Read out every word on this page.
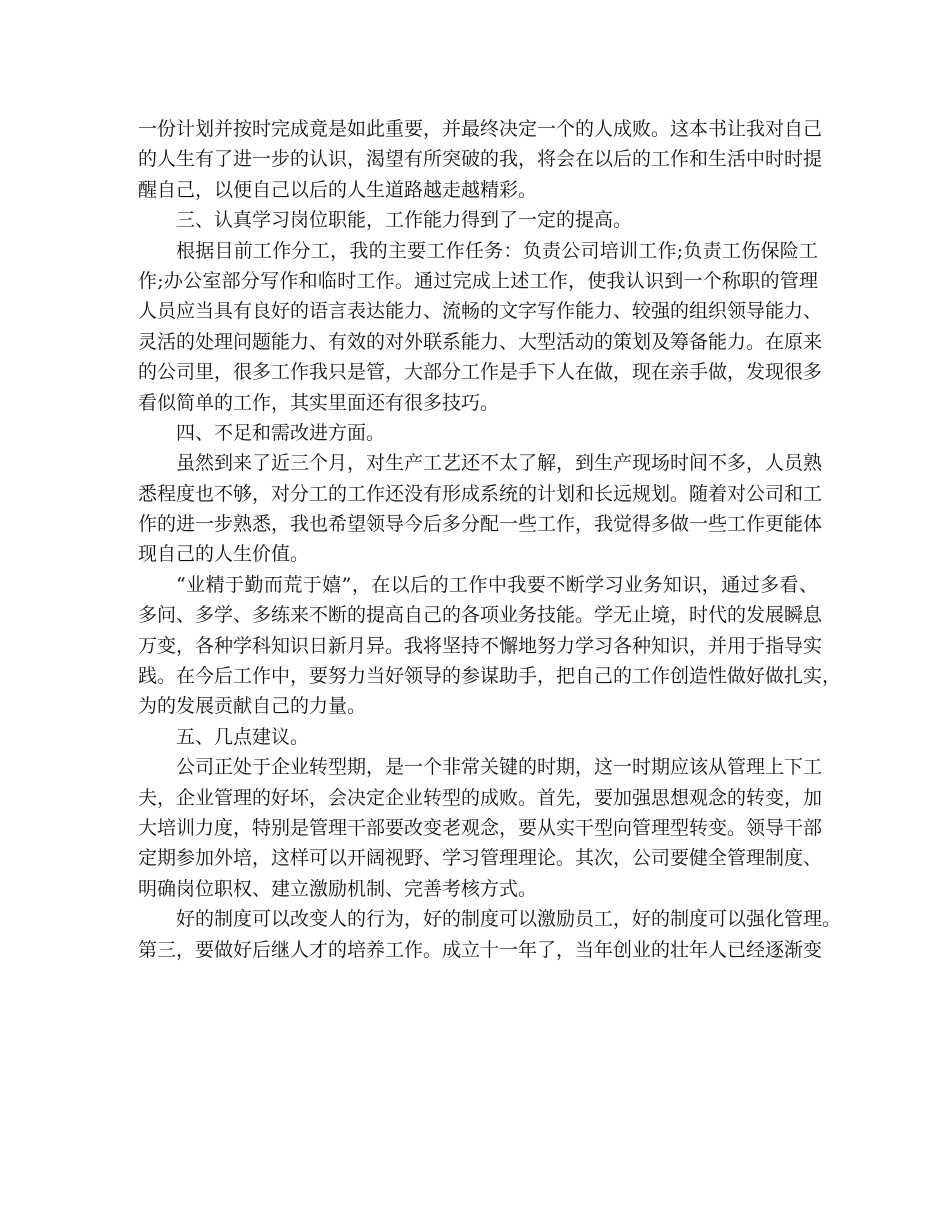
一份计划并按时完成竟是如此重要，并最终决定一个的人成败。这本书让我对自己
的人生有了进一步的认识，渴望有所突破的我，将会在以后的工作和生活中时时提
醒自己，以便自己以后的人生道路越走越精彩。
三、认真学习岗位职能，工作能力得到了一定的提高。
根据目前工作分工，我的主要工作任务：负责公司培训工作;负责工伤保险工
作;办公室部分写作和临时工作。通过完成上述工作，使我认识到一个称职的管理
人员应当具有良好的语言表达能力、流畅的文字写作能力、较强的组织领导能力、
灵活的处理问题能力、有效的对外联系能力、大型活动的策划及筹备能力。在原来
的公司里，很多工作我只是管，大部分工作是手下人在做，现在亲手做，发现很多
看似简单的工作，其实里面还有很多技巧。
四、不足和需改进方面。
虽然到来了近三个月，对生产工艺还不太了解，到生产现场时间不多，人员熟
悉程度也不够，对分工的工作还没有形成系统的计划和长远规划。随着对公司和工
作的进一步熟悉，我也希望领导今后多分配一些工作，我觉得多做一些工作更能体
现自己的人生价值。
“业精于勤而荒于嬉”，在以后的工作中我要不断学习业务知识，通过多看、
多问、多学、多练来不断的提高自己的各项业务技能。学无止境，时代的发展瞬息
万变，各种学科知识日新月异。我将坚持不懈地努力学习各种知识，并用于指导实
践。在今后工作中，要努力当好领导的参谋助手，把自己的工作创造性做好做扎实，
为的发展贡献自己的力量。
五、几点建议。
公司正处于企业转型期，是一个非常关键的时期，这一时期应该从管理上下工
夫，企业管理的好坏，会决定企业转型的成败。首先，要加强思想观念的转变，加
大培训力度，特别是管理干部要改变老观念，要从实干型向管理型转变。领导干部
定期参加外培，这样可以开阔视野、学习管理理论。其次，公司要健全管理制度、
明确岗位职权、建立激励机制、完善考核方式。
好的制度可以改变人的行为，好的制度可以激励员工，好的制度可以强化管理。
第三，要做好后继人才的培养工作。成立十一年了，当年创业的壮年人已经逐渐变
